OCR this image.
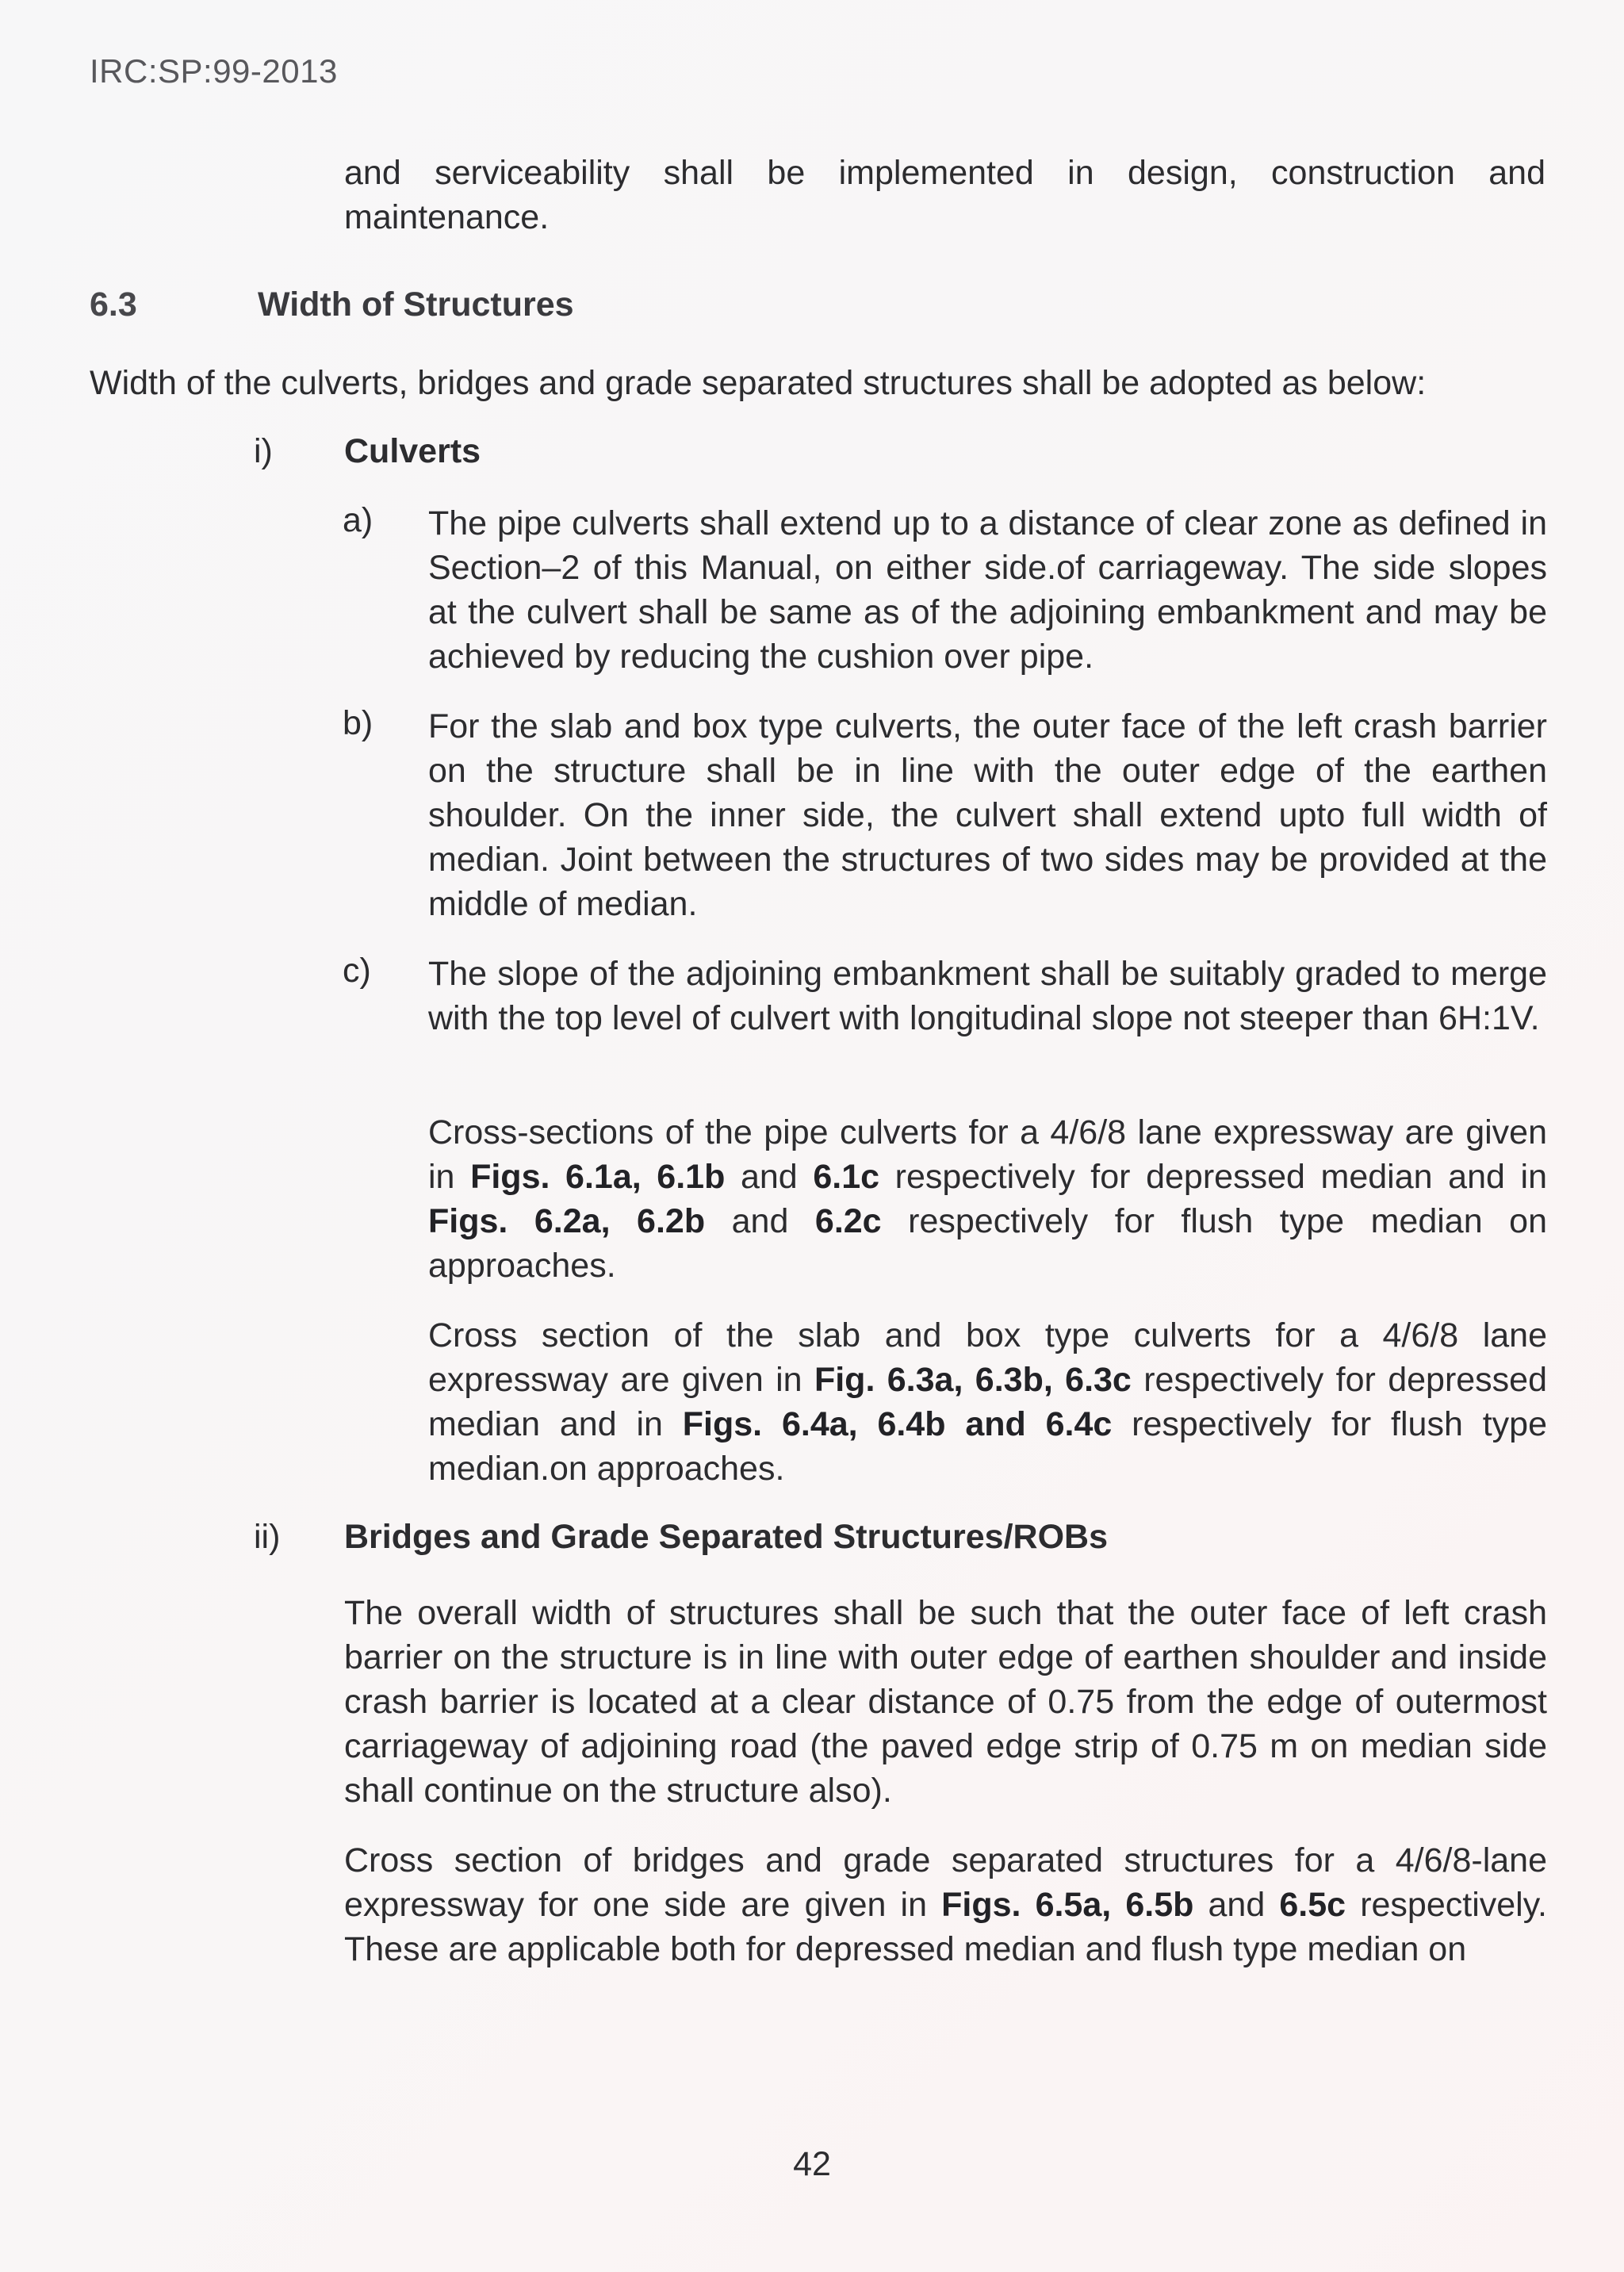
IRC:SP:99-2013

and serviceability shall be implemented in design, construction and maintenance.

6.3	Width of Structures

Width of the culverts, bridges and grade separated structures shall be adopted as below:

i) Culverts
a) The pipe culverts shall extend up to a distance of clear zone as defined in Section–2 of this Manual, on either side.of carriageway. The side slopes at the culvert shall be same as of the adjoining embankment and may be achieved by reducing the cushion over pipe.

b) For the slab and box type culverts, the outer face of the left crash barrier on the structure shall be in line with the outer edge of the earthen shoulder. On the inner side, the culvert shall extend upto full width of median. Joint between the structures of two sides may be provided at the middle of median.

c) The slope of the adjoining embankment shall be suitably graded to merge with the top level of culvert with longitudinal slope not steeper than 6H:1V.

Cross-sections of the pipe culverts for a 4/6/8 lane expressway are given in Figs. 6.1a, 6.1b and 6.1c respectively for depressed median and in Figs. 6.2a, 6.2b and 6.2c respectively for flush type median on approaches.

Cross section of the slab and box type culverts for a 4/6/8 lane expressway are given in Fig. 6.3a, 6.3b, 6.3c respectively for depressed median and in Figs. 6.4a, 6.4b and 6.4c respectively for flush type median.on approaches.

ii) Bridges and Grade Separated Structures/ROBs

The overall width of structures shall be such that the outer face of left crash barrier on the structure is in line with outer edge of earthen shoulder and inside crash barrier is located at a clear distance of 0.75 from the edge of outermost carriageway of adjoining road (the paved edge strip of 0.75 m on median side shall continue on the structure also).

Cross section of bridges and grade separated structures for a 4/6/8-lane expressway for one side are given in Figs. 6.5a, 6.5b and 6.5c respectively. These are applicable both for depressed median and flush type median on

42
